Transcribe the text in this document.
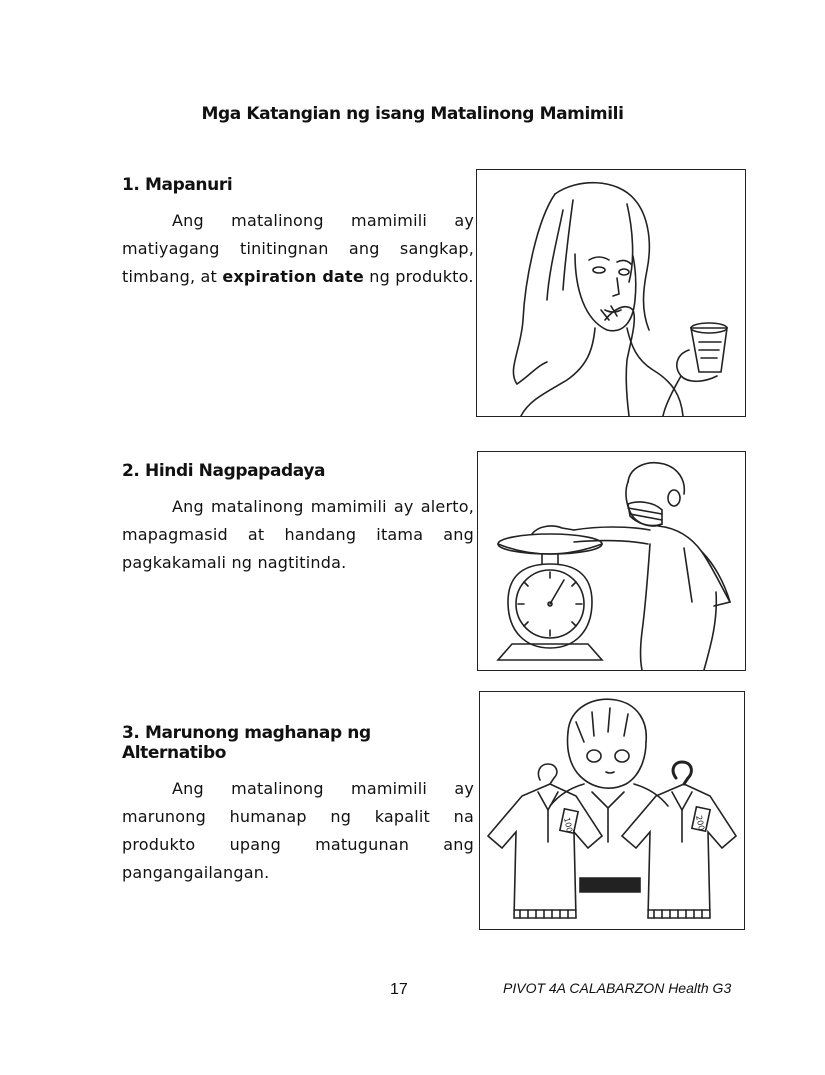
Mga Katangian ng isang Matalinong Mamimili
1. Mapanuri

Ang matalinong mamimili ay matiyagang tinitingnan ang sangkap, timbang, at expiration date ng produkto.

2. Hindi Nagpapadaya

Ang matalinong mamimili ay alerto, mapagmasid at handang itama ang pagkakamali ng nagtitinda.

3. Marunong maghanap ng Alternatibo

Ang matalinong mamimili ay marunong humanap ng kapalit na produkto upang matugunan ang pangangailangan.

100	200
17	PIVOT 4A CALABARZON Health G3
